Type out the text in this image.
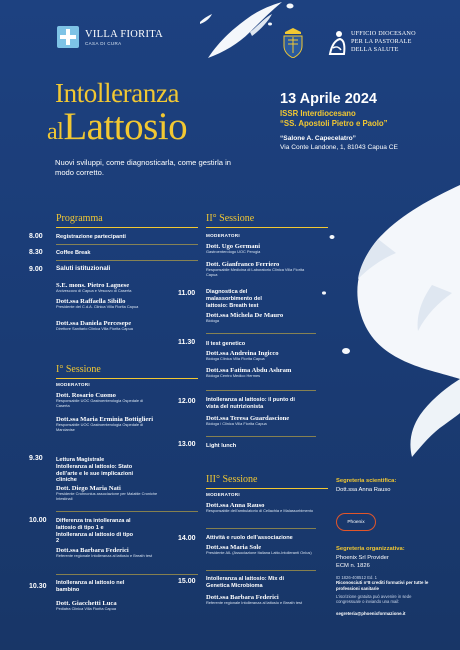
VILLA FIORITA
CASA DI CURA
UFFICIO DIOCESANO
PER LA PASTORALE
DELLA SALUTE
Intolleranza
alLattosio
Nuovi sviluppi, come diagnosticarla, come gestirla in modo corretto.
13 Aprile 2024
ISSR Interdiocesano
“SS. Apostoli Pietro e Paolo”
“Salone A. Capecelatro”
Via Conte Landone, 1, 81043 Capua CE
Programma
8.00	Registrazione partecipanti
8.30	Coffee Break
9.00	Saluti istituzionali
S.E. mons. Pietro Lagnese
Arcivescovo di Capua e Vescovo di Caserta
Dott.ssa Raffaella Sibillo
Presidente del C.d.A. Clinica Villa Fiorita Capua
Dott.ssa Daniela Percesepe
Direttore Sanitario Clinica Villa Fiorita Capua
I° Sessione
MODERATORI
Dott. Rosario Cuomo
Responsabile UOC Gastroenterologia Ospedale di Caserta
Dott.ssa Maria Erminia Bottiglieri
Responsabile UOC Gastroenterologia Ospedale di Marcianise
9.30	Lettura Magistrale Intolleranza al lattosio: Stato dell’arte e le sue implicazioni cliniche
Dott. Diego Maria Nati
Presidente Crohnonius associazione per Malattie Croniche Intestinali
10.00	Differenza tra intolleranza al lattosio di tipo 1 e Intolleranza al lattosio di tipo 2
Dott.ssa Barbara Federici
Referente regionale Intolleranza al lattosio e Breath test
10.30	Intolleranza al lattosio nel bambino
Dott. Giacchetti Luca
Pediatra Clinica Villa Fiorita Capua
II° Sessione
MODERATORI
Dott. Ugo Germani
Gastroenterologo UOC Perugia
Dott. Gianfranco Ferriero
Responsabile Medicina di Laboratorio Clinica Villa Fiorita Capua
11.00	Diagnostica del malassorbimento del lattosio: Breath test
Dott.ssa Michela De Mauro
Biologa
11.30	Il test genetico
Dott.ssa Andreina Ingicco
Biologa Clinica Villa Fiorita Capua
Dott.ssa Fatima Abdu Ashram
Biologa Centro Medico Hermes
12.00	Intolleranza al lattosio: il punto di vista del nutrizionista
Dott.ssa Teresa Guardascione
Biologa / Clinica Villa Fiorita Capua
13.00	Light lunch
III° Sessione
MODERATORI
Dott.ssa Anna Rauso
Responsabile dell’ambulatorio di Celiachia e Malassorbimento
14.00	Attività e ruolo dell’associazione
Dott.ssa Maria Sole
Presidente AIL (Associazione Italiana Latto-Intolleranti Onlus)
15.00	Intolleranza al lattosio: Mix di Genetica Microbioma
Dott.ssa Barbara Federici
Referente regionale Intolleranza al lattosio e Breath test
Segreteria scientifica:
Dott.ssa Anna Rauso
Phoenix
Segreteria organizzativa:
Phoenix Srl Provider
ECM n. 1826
ID 1826-408512 Ed. 1
Riconosciuti n°8 crediti formativi per tutte le professioni sanitarie
L’iscrizione gratuita può avvenire in sede congressuale o inviando una mail:
segreteria@phoenixformazione.it
